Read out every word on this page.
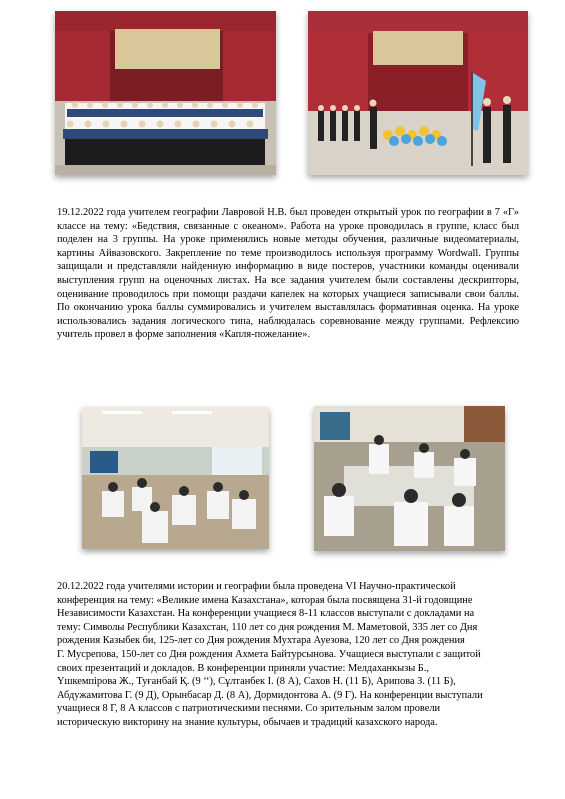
19.12.2022 года учителем географии Лавровой Н.В. был проведен открытый урок по географии в 7 «Г» классе на тему: «Бедствия, связанные с океаном». Работа на уроке проводилась в группе, класс был поделен на 3 группы. На уроке применялись новые методы обучения, различные видеоматериалы, картины Айвазовского. Закрепление по теме производилось используя программу Wordwall. Группы защищали и представляли найденную информацию в виде постеров, участники команды оценивали выступления групп на оценочных листах. На все задания учителем были составлены дескрипторы, оценивание проводилось при помощи раздачи капелек на которых учащиеся записывали свои баллы. По окончанию урока баллы суммировались и учителем выставлялась формативная оценка. На уроке использовались задания логического типа, наблюдалась соревнование между группами. Рефлексию учитель провел в форме заполнения «Капля-пожелание».

20.12.2022 года учителями истории и географии была проведена VI Научно-практической
конференция на тему: «Великие имена Казахстана», которая была посвящена 31-й годовщине
Независимости Казахстан. На конференции учащиеся 8-11 классов выступали с докладами на
тему: Символы Республики Казахстан, 110 лет со дня рождения М. Маметовой, 335 лет со Дня
рождения Казыбек би, 125-лет со Дня рождения Мухтара Ауезова, 120 лет со Дня рождения
Г. Мусрепова, 150-лет со Дня рождения Ахмета Байтурсынова. Учащиеся выступали с защитой
своих презентаций и докладов. В конференции приняли участие: Мелдаханкызы Б.,
Үшкемпiрова Ж., Туғанбай Қ. (9 ‘‘), Сұлтанбек І. (8 А), Сахов Н. (11 Б), Арипова З. (11 Б),
Абдужамитова Г. (9 Д), Орынбасар Д. (8 А), Дормидонтова А. (9 Г). На конференции выступали
учащиеся 8 Г, 8 А классов с патриотическими песнями. Со зрительным залом провели
историческую викторину на знание культуры, обычаев и традиций казахского народа.
